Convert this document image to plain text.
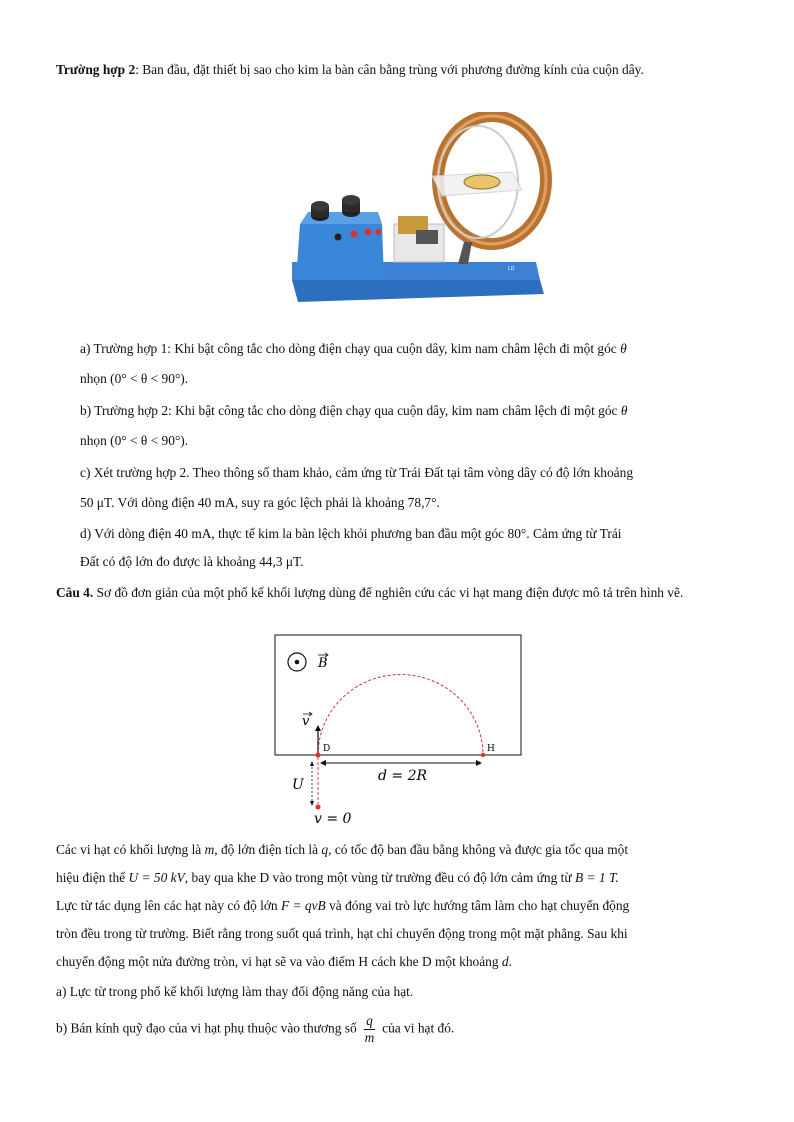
Trường hợp 2: Ban đầu, đặt thiết bị sao cho kim la bàn cân bằng trùng với phương đường kính của cuộn dây.
LD
a) Trường hợp 1: Khi bật công tắc cho dòng điện chạy qua cuộn dây, kim nam châm lệch đi một góc θ
nhọn (0° < θ < 90°).
b) Trường hợp 2: Khi bật công tắc cho dòng điện chạy qua cuộn dây, kim nam châm lệch đi một góc θ
nhọn (0° < θ < 90°).
c) Xét trường hợp 2. Theo thông số tham khảo, cảm ứng từ Trái Đất tại tâm vòng dây có độ lớn khoảng
50 μT. Với dòng điện 40 mA, suy ra góc lệch phải là khoảng 78,7°.
d) Với dòng điện 40 mA, thực tế kim la bàn lệch khỏi phương ban đầu một góc 80°. Cảm ứng từ Trái
Đất có độ lớn đo được là khoảng 44,3 μT.
Câu 4. Sơ đồ đơn giản của một phổ kế khối lượng dùng để nghiên cứu các vi hạt mang điện được mô tả trên hình vẽ.
B
v
D	H
d = 2R
U
v = 0
Các vi hạt có khối lượng là m, độ lớn điện tích là q, có tốc độ ban đầu bằng không và được gia tốc qua một
hiệu điện thế U = 50 kV, bay qua khe D vào trong một vùng từ trường đều có độ lớn cảm ứng từ B = 1 T.
Lực từ tác dụng lên các hạt này có độ lớn F = qvB và đóng vai trò lực hướng tâm làm cho hạt chuyển động
tròn đều trong từ trường. Biết rằng trong suốt quá trình, hạt chỉ chuyển động trong một mặt phẳng. Sau khi
chuyển động một nửa đường tròn, vi hạt sẽ va vào điểm H cách khe D một khoảng d.
a) Lực từ trong phổ kế khối lượng làm thay đổi động năng của hạt.
b) Bán kính quỹ đạo của vi hạt phụ thuộc vào thương số $\frac{q}{m}$ của vi hạt đó.
